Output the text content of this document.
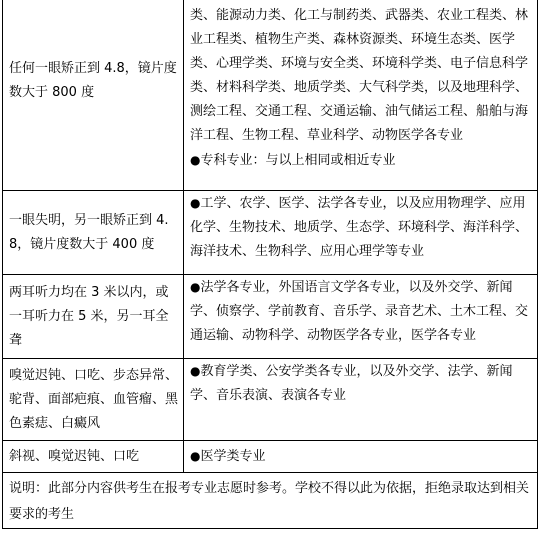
任何一眼矫正到 4.8，镜片度数大于 800 度	类、能源动力类、化工与制药类、武器类、农业工程类、林业工程类、植物生产类、森林资源类、环境生态类、医学类、心理学类、环境与安全类、环境科学类、电子信息科学类、材料科学类、地质学类、大气科学类，以及地理科学、测绘工程、交通工程、交通运输、油气储运工程、船舶与海洋工程、生物工程、草业科学、动物医学各专业
●专科专业：与以上相同或相近专业

一眼失明，另一眼矫正到 4.8，镜片度数大于 400 度	●工学、农学、医学、法学各专业，以及应用物理学、应用化学、生物技术、地质学、生态学、环境科学、海洋科学、海洋技术、生物科学、应用心理学等专业

两耳听力均在 3 米以内，或一耳听力在 5 米，另一耳全聋	●法学各专业，外国语言文学各专业，以及外交学、新闻学、侦察学、学前教育、音乐学、录音艺术、土木工程、交通运输、动物科学、动物医学各专业，医学各专业

嗅觉迟钝、口吃、步态异常、驼背、面部疤痕、血管瘤、黑色素痣、白癜风	●教育学类、公安学类各专业，以及外交学、法学、新闻学、音乐表演、表演各专业

斜视、嗅觉迟钝、口吃	●医学类专业

说明：此部分内容供考生在报考专业志愿时参考。学校不得以此为依据，拒绝录取达到相关要求的考生	
